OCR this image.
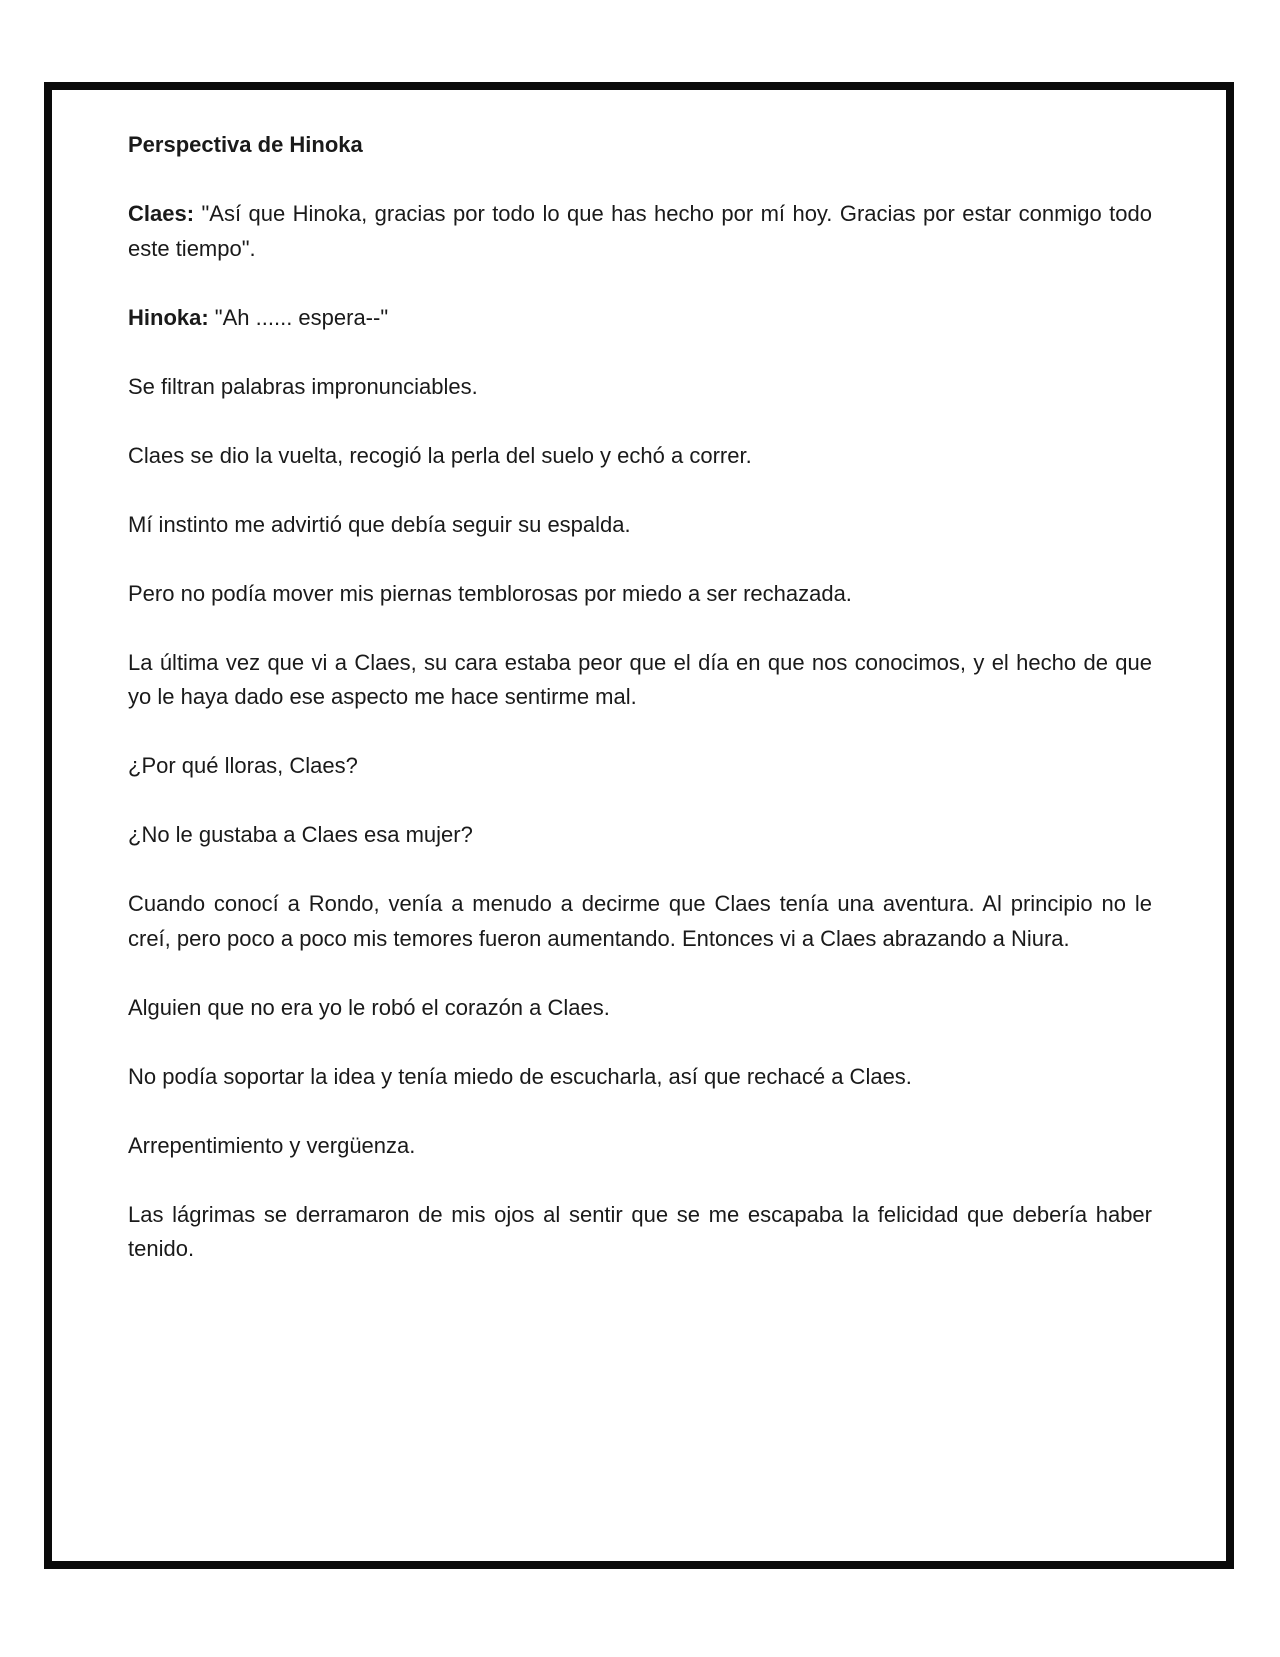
Perspectiva de Hinoka

Claes: "Así que Hinoka, gracias por todo lo que has hecho por mí hoy. Gracias por estar conmigo todo este tiempo".

Hinoka: "Ah ...... espera--"

Se filtran palabras impronunciables.

Claes se dio la vuelta, recogió la perla del suelo y echó a correr.

Mí instinto me advirtió que debía seguir su espalda.

Pero no podía mover mis piernas temblorosas por miedo a ser rechazada.

La última vez que vi a Claes, su cara estaba peor que el día en que nos conocimos, y el hecho de que yo le haya dado ese aspecto me hace sentirme mal.

¿Por qué lloras, Claes?

¿No le gustaba a Claes esa mujer?

Cuando conocí a Rondo, venía a menudo a decirme que Claes tenía una aventura. Al principio no le creí, pero poco a poco mis temores fueron aumentando. Entonces vi a Claes abrazando a Niura.

Alguien que no era yo le robó el corazón a Claes.

No podía soportar la idea y tenía miedo de escucharla, así que rechacé a Claes.

Arrepentimiento y vergüenza.

Las lágrimas se derramaron de mis ojos al sentir que se me escapaba la felicidad que debería haber tenido.
